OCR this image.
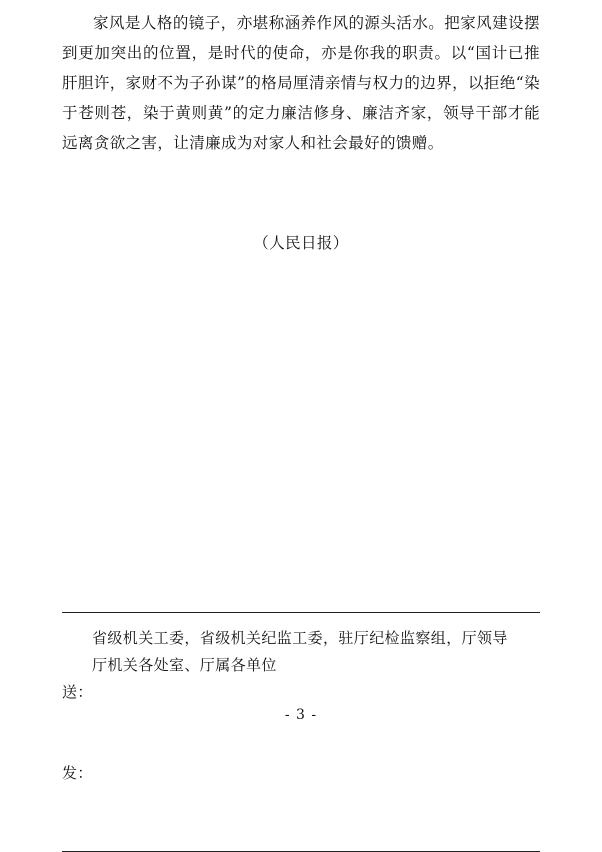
家风是人格的镜子，亦堪称涵养作风的源头活水。把家风建设摆到更加突出的位置，是时代的使命，亦是你我的职责。以“国计已推肝胆许，家财不为子孙谋”的格局厘清亲情与权力的边界，以拒绝“染于苍则苍，染于黄则黄”的定力廉洁修身、廉洁齐家，领导干部才能远离贪欲之害，让清廉成为对家人和社会最好的馈赠。

（人民日报）

送：

发：

省级机关工委，省级机关纪监工委，驻厅纪检监察组，厅领导
厅机关各处室、厅属各单位
- 3 -
